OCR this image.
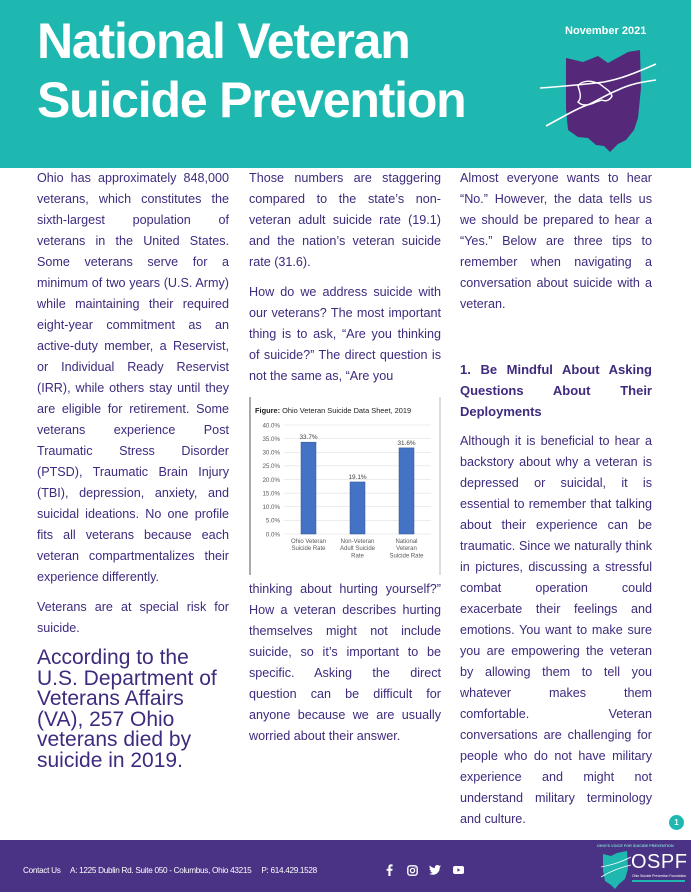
National Veteran
Suicide Prevention
November 2021

Ohio has approximately 848,000 veterans, which constitutes the sixth-largest population of veterans in the United States. Some veterans serve for a minimum of two years (U.S. Army) while maintaining their required eight-year commitment as an active-duty member, a Reservist, or Individual Ready Reservist (IRR), while others stay until they are eligible for retirement. Some veterans experience Post Traumatic Stress Disorder (PTSD), Traumatic Brain Injury (TBI), depression, anxiety, and suicidal ideations. No one profile fits all veterans because each veteran compartmentalizes their experience differently.

Veterans are at special risk for suicide.

According to the U.S. Department of Veterans Affairs (VA), 257 Ohio veterans died by suicide in 2019.

Those numbers are staggering compared to the state’s non-veteran adult suicide rate (19.1) and the nation’s veteran suicide rate (31.6).

How do we address suicide with our veterans? The most important thing is to ask, “Are you thinking of suicide?” The direct question is not the same as, “Are you

Figure: Ohio Veteran Suicide Data Sheet, 2019
0.0%
5.0%
10.0%
15.0%
20.0%
25.0%
30.0%
35.0%
40.0%
33.7%
Ohio Veteran
Suicide Rate
19.1%
Non-Veteran
Adult Suicide
Rate
31.6%
National
Veteran
Suicide Rate

thinking about hurting yourself?” How a veteran describes hurting themselves might not include suicide, so it’s important to be specific. Asking the direct question can be difficult for anyone because we are usually worried about their answer.

Almost everyone wants to hear “No.” However, the data tells us we should be prepared to hear a “Yes.” Below are three tips to remember when navigating a conversation about suicide with a veteran.

1. Be Mindful About Asking Questions About Their Deployments

Although it is beneficial to hear a backstory about why a veteran is depressed or suicidal, it is essential to remember that talking about their experience can be traumatic. Since we naturally think in pictures, discussing a stressful combat operation could exacerbate their feelings and emotions. You want to make sure you are empowering the veteran by allowing them to tell you whatever makes them comfortable. Veteran conversations are challenging for people who do not have military experience and might not understand military terminology and culture.	1
Contact Us A: 1225 Dublin Rd. Suite 050 - Columbus, Ohio 43215 P: 614.429.1528
OHIO'S VOICE FOR SUICIDE PREVENTION
OSPF
Ohio Suicide Prevention Foundation
